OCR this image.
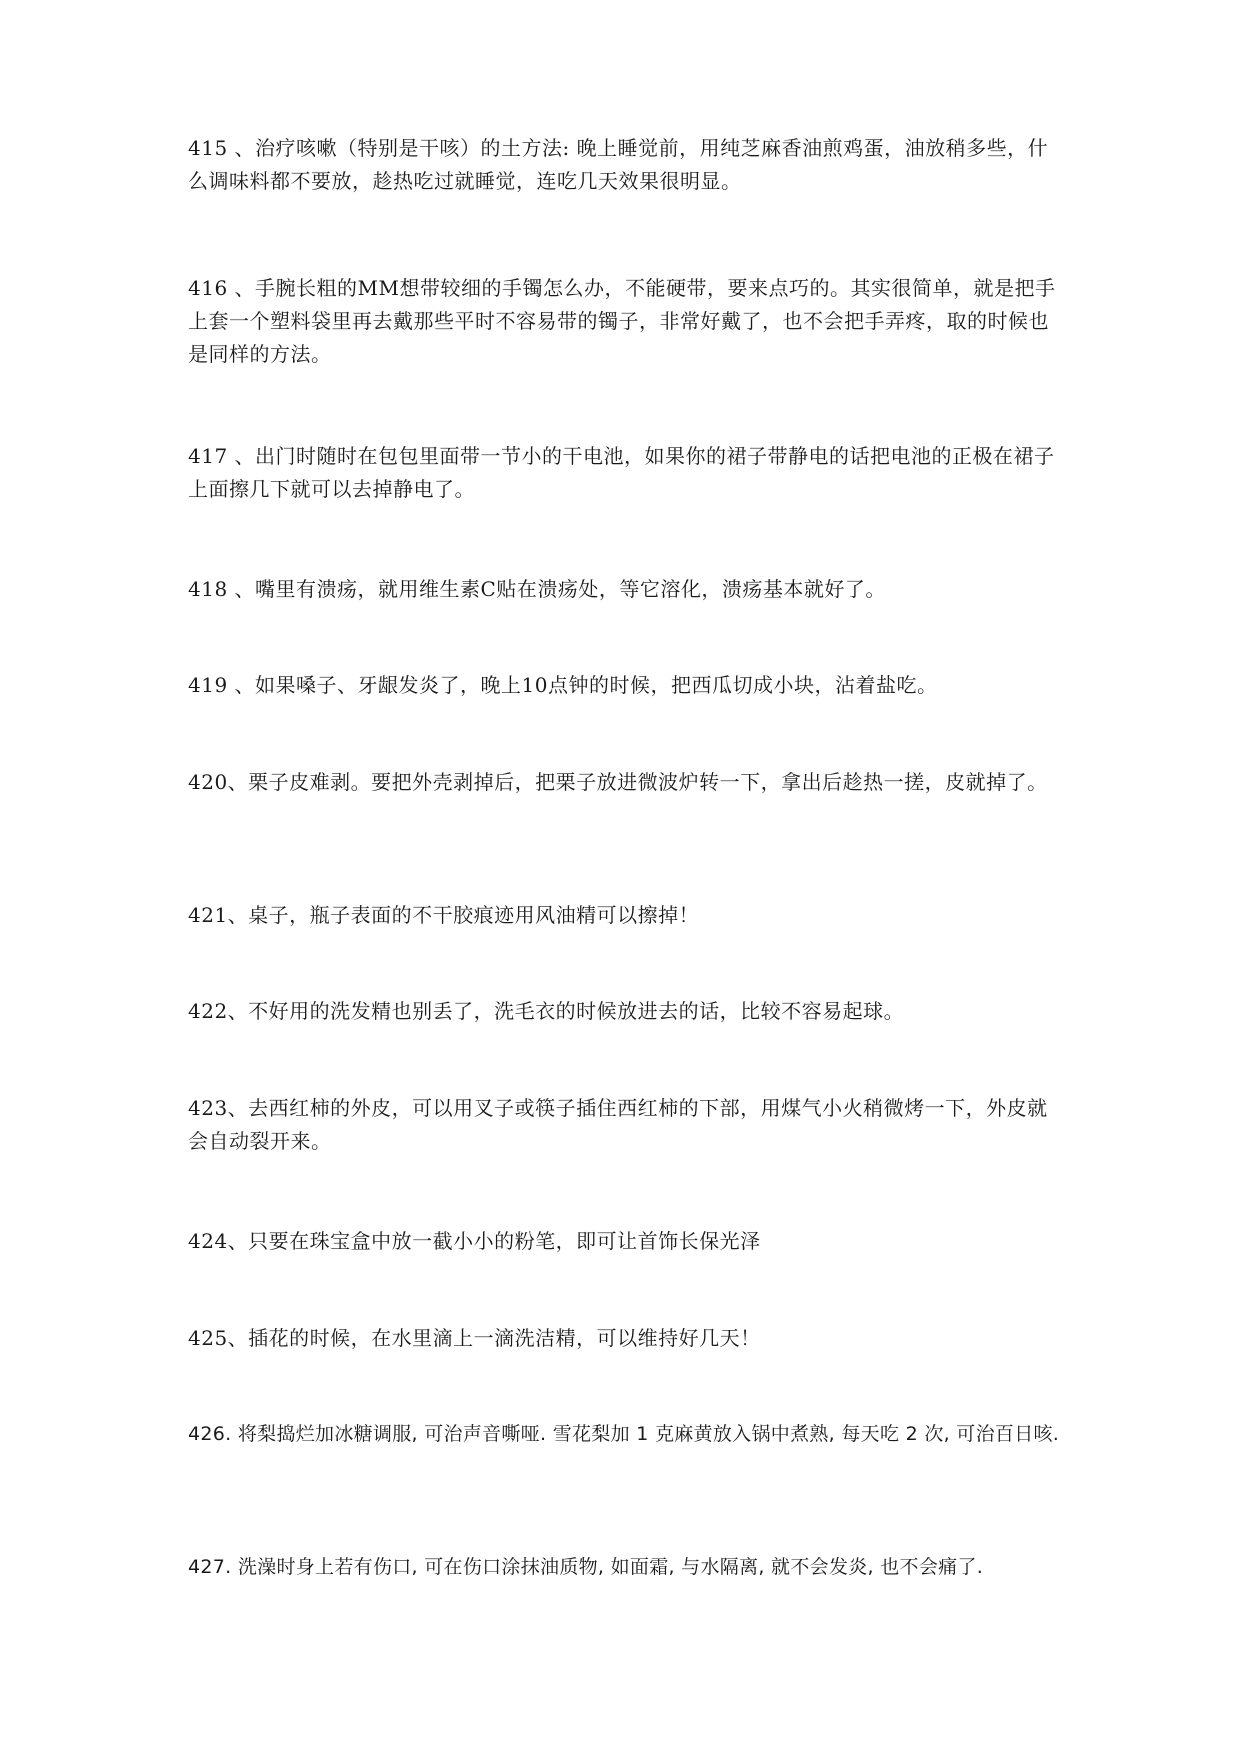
415 、治疗咳嗽（特别是干咳）的土方法: 晚上睡觉前，用纯芝麻香油煎鸡蛋，油放稍多些，什么调味料都不要放，趁热吃过就睡觉，连吃几天效果很明显。

416 、手腕长粗的MM想带较细的手镯怎么办，不能硬带，要来点巧的。其实很简单，就是把手上套一个塑料袋里再去戴那些平时不容易带的镯子，非常好戴了，也不会把手弄疼，取的时候也是同样的方法。

417 、出门时随时在包包里面带一节小的干电池，如果你的裙子带静电的话把电池的正极在裙子上面擦几下就可以去掉静电了。

418 、嘴里有溃疡，就用维生素C贴在溃疡处，等它溶化，溃疡基本就好了。

419 、如果嗓子、牙龈发炎了，晚上10点钟的时候，把西瓜切成小块，沾着盐吃。

420、栗子皮难剥。要把外壳剥掉后，把栗子放进微波炉转一下，拿出后趁热一搓，皮就掉了。

421、桌子，瓶子表面的不干胶痕迹用风油精可以擦掉！

422、不好用的洗发精也别丢了，洗毛衣的时候放进去的话，比较不容易起球。

423、去西红柿的外皮，可以用叉子或筷子插住西红柿的下部，用煤气小火稍微烤一下，外皮就会自动裂开来。

424、只要在珠宝盒中放一截小小的粉笔，即可让首饰长保光泽

425、插花的时候，在水里滴上一滴洗洁精，可以维持好几天！

426. 将梨捣烂加冰糖调服, 可治声音嘶哑. 雪花梨加 1 克麻黄放入锅中煮熟, 每天吃 2 次, 可治百日咳.

427. 洗澡时身上若有伤口, 可在伤口涂抹油质物, 如面霜, 与水隔离, 就不会发炎, 也不会痛了.
